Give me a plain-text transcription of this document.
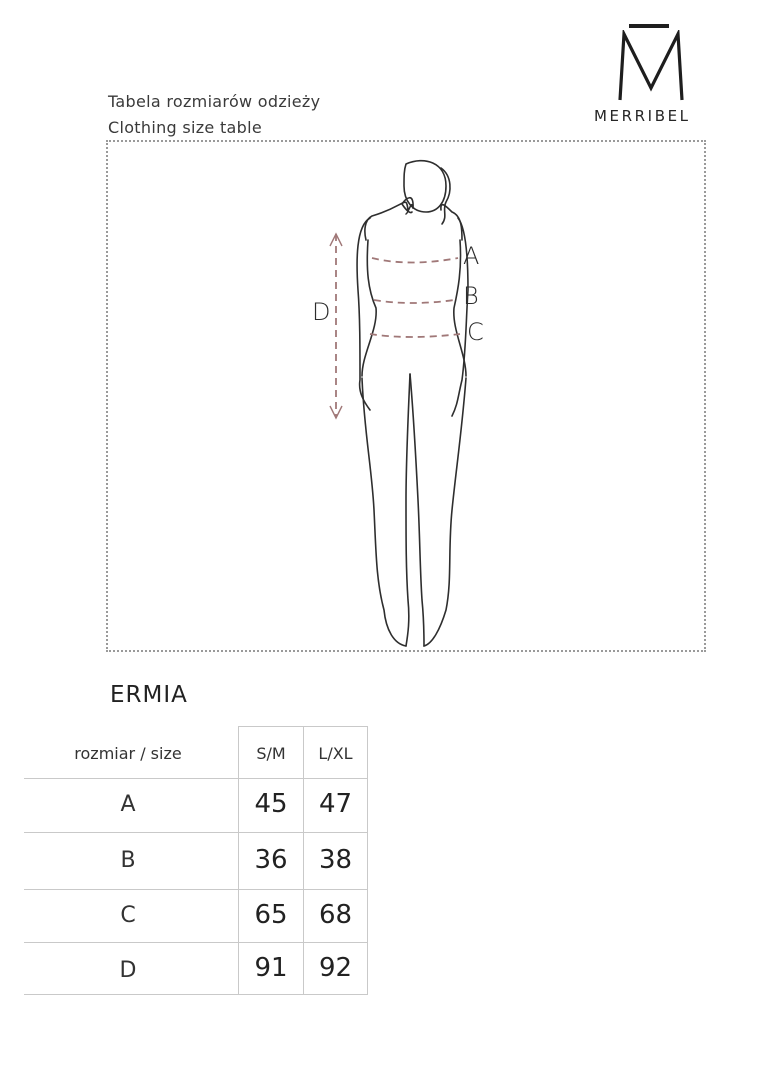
MERRIBEL
Tabela rozmiarów odzieży
Clothing size table
A
B
C
D
ERMIA
rozmiar / size	S/M	L/XL
A	45	47
B	36	38
C	65	68
D	91	92
